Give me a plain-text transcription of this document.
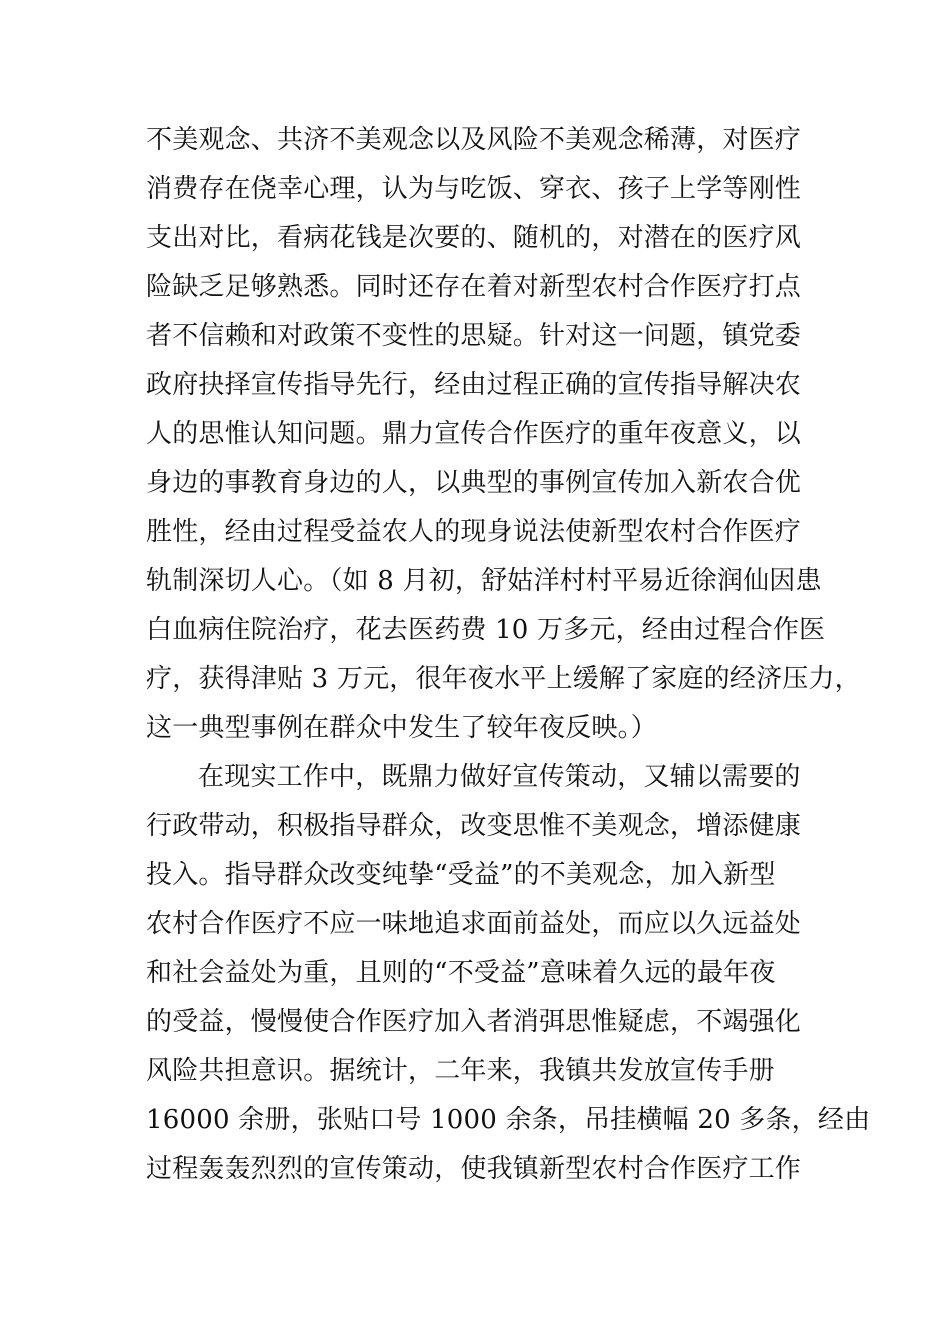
不美观念、共济不美观念以及风险不美观念稀薄，对医疗
消费存在侥幸心理，认为与吃饭、穿衣、孩子上学等刚性
支出对比，看病花钱是次要的、随机的，对潜在的医疗风
险缺乏足够熟悉。同时还存在着对新型农村合作医疗打点
者不信赖和对政策不变性的思疑。针对这一问题，镇党委
政府抉择宣传指导先行，经由过程正确的宣传指导解决农
人的思惟认知问题。鼎力宣传合作医疗的重年夜意义，以
身边的事教育身边的人，以典型的事例宣传加入新农合优
胜性，经由过程受益农人的现身说法使新型农村合作医疗
轨制深切人心。（如 8 月初，舒姑洋村村平易近徐润仙因患
白血病住院治疗，花去医药费 10 万多元，经由过程合作医
疗，获得津贴 3 万元，很年夜水平上缓解了家庭的经济压力，
这一典型事例在群众中发生了较年夜反映。）
在现实工作中，既鼎力做好宣传策动，又辅以需要的
行政带动，积极指导群众，改变思惟不美观念，增添健康
投入。指导群众改变纯挚“受益”的不美观念，加入新型
农村合作医疗不应一味地追求面前益处，而应以久远益处
和社会益处为重，且则的“不受益”意味着久远的最年夜
的受益，慢慢使合作医疗加入者消弭思惟疑虑，不竭强化
风险共担意识。据统计，二年来，我镇共发放宣传手册
16000 余册，张贴口号 1000 余条，吊挂横幅 20 多条，经由
过程轰轰烈烈的宣传策动，使我镇新型农村合作医疗工作
